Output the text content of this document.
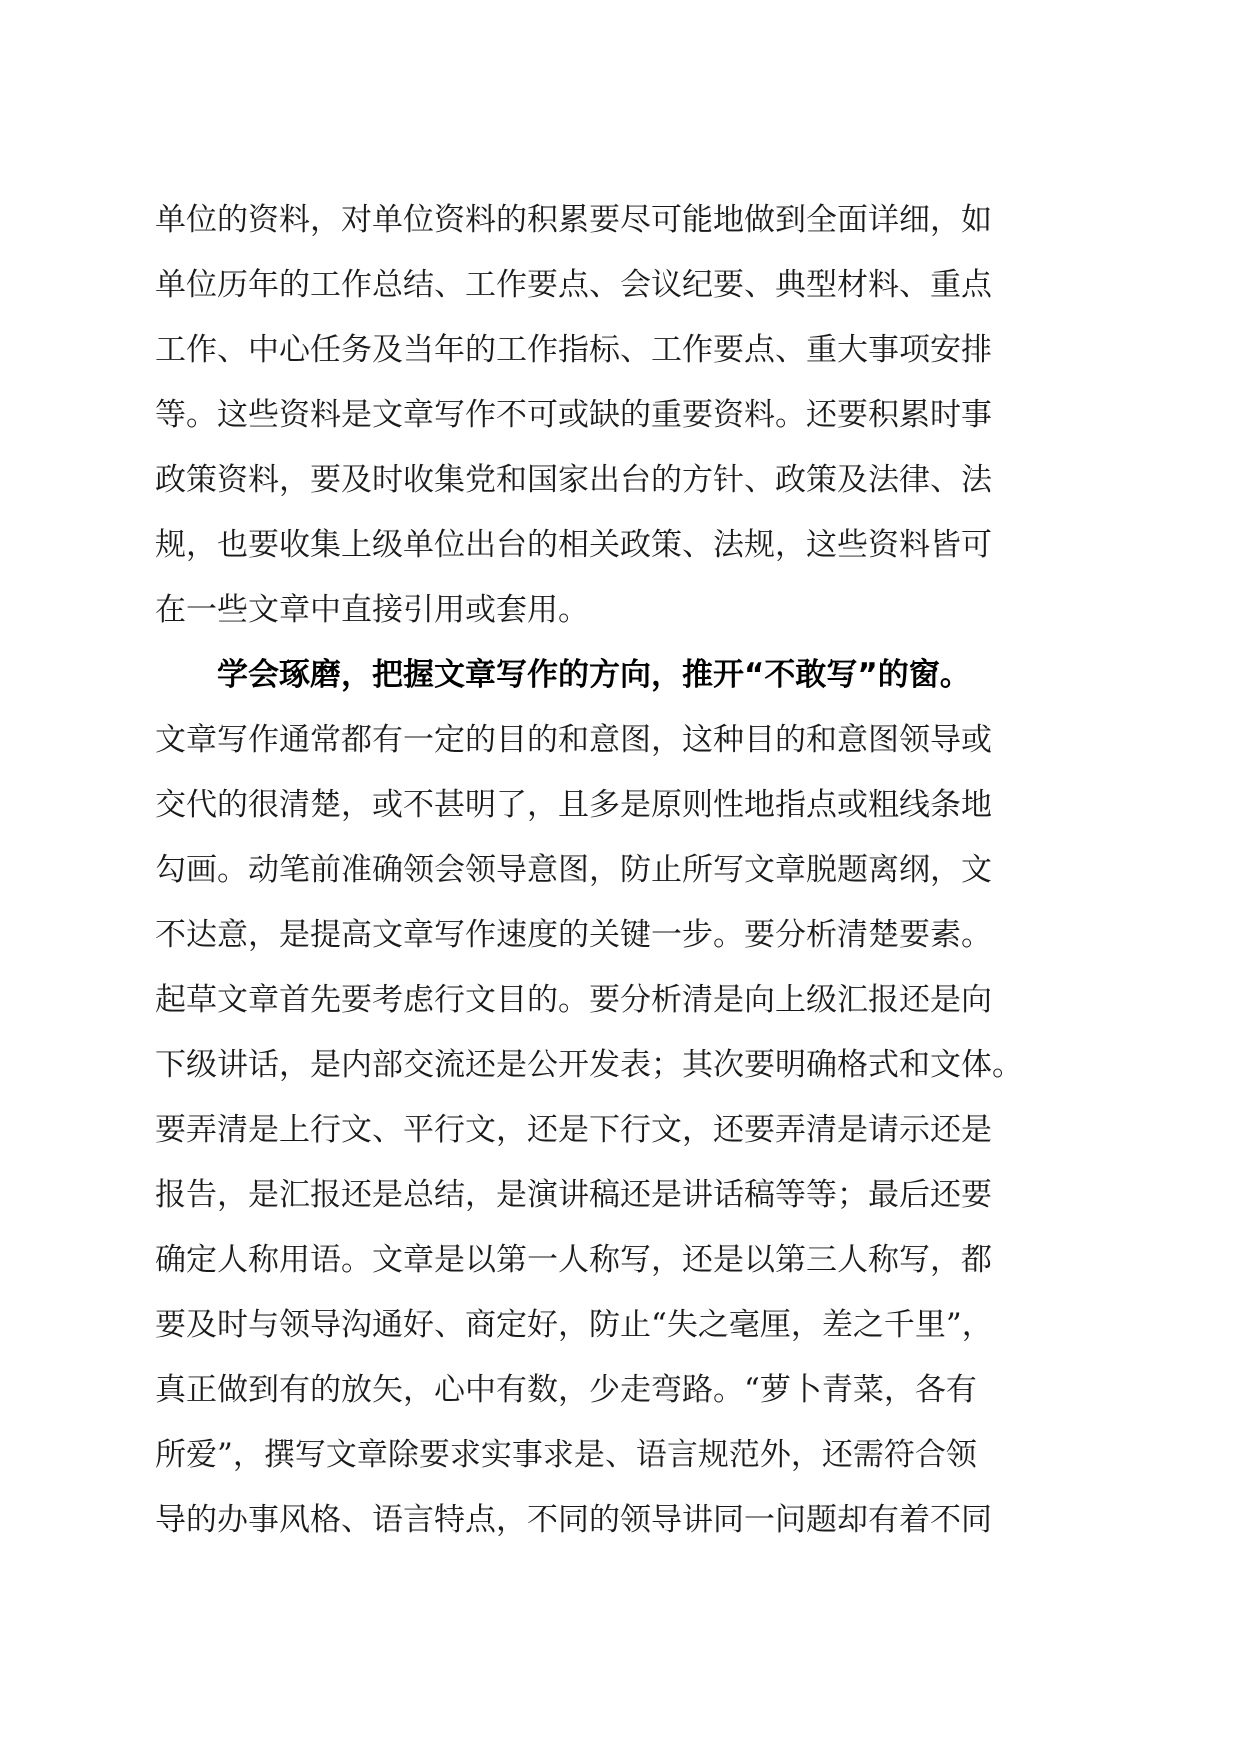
单位的资料，对单位资料的积累要尽可能地做到全面详细，如
单位历年的工作总结、工作要点、会议纪要、典型材料、重点
工作、中心任务及当年的工作指标、工作要点、重大事项安排
等。这些资料是文章写作不可或缺的重要资料。还要积累时事
政策资料，要及时收集党和国家出台的方针、政策及法律、法
规，也要收集上级单位出台的相关政策、法规，这些资料皆可
在一些文章中直接引用或套用。
学会琢磨，把握文章写作的方向，推开“不敢写”的窗。
文章写作通常都有一定的目的和意图，这种目的和意图领导或
交代的很清楚，或不甚明了，且多是原则性地指点或粗线条地
勾画。动笔前准确领会领导意图，防止所写文章脱题离纲，文
不达意，是提高文章写作速度的关键一步。要分析清楚要素。
起草文章首先要考虑行文目的。要分析清是向上级汇报还是向
下级讲话，是内部交流还是公开发表；其次要明确格式和文体。
要弄清是上行文、平行文，还是下行文，还要弄清是请示还是
报告，是汇报还是总结，是演讲稿还是讲话稿等等；最后还要
确定人称用语。文章是以第一人称写，还是以第三人称写，都
要及时与领导沟通好、商定好，防止“失之毫厘，差之千里”，
真正做到有的放矢，心中有数，少走弯路。“萝卜青菜，各有
所爱”，撰写文章除要求实事求是、语言规范外，还需符合领
导的办事风格、语言特点，不同的领导讲同一问题却有着不同
